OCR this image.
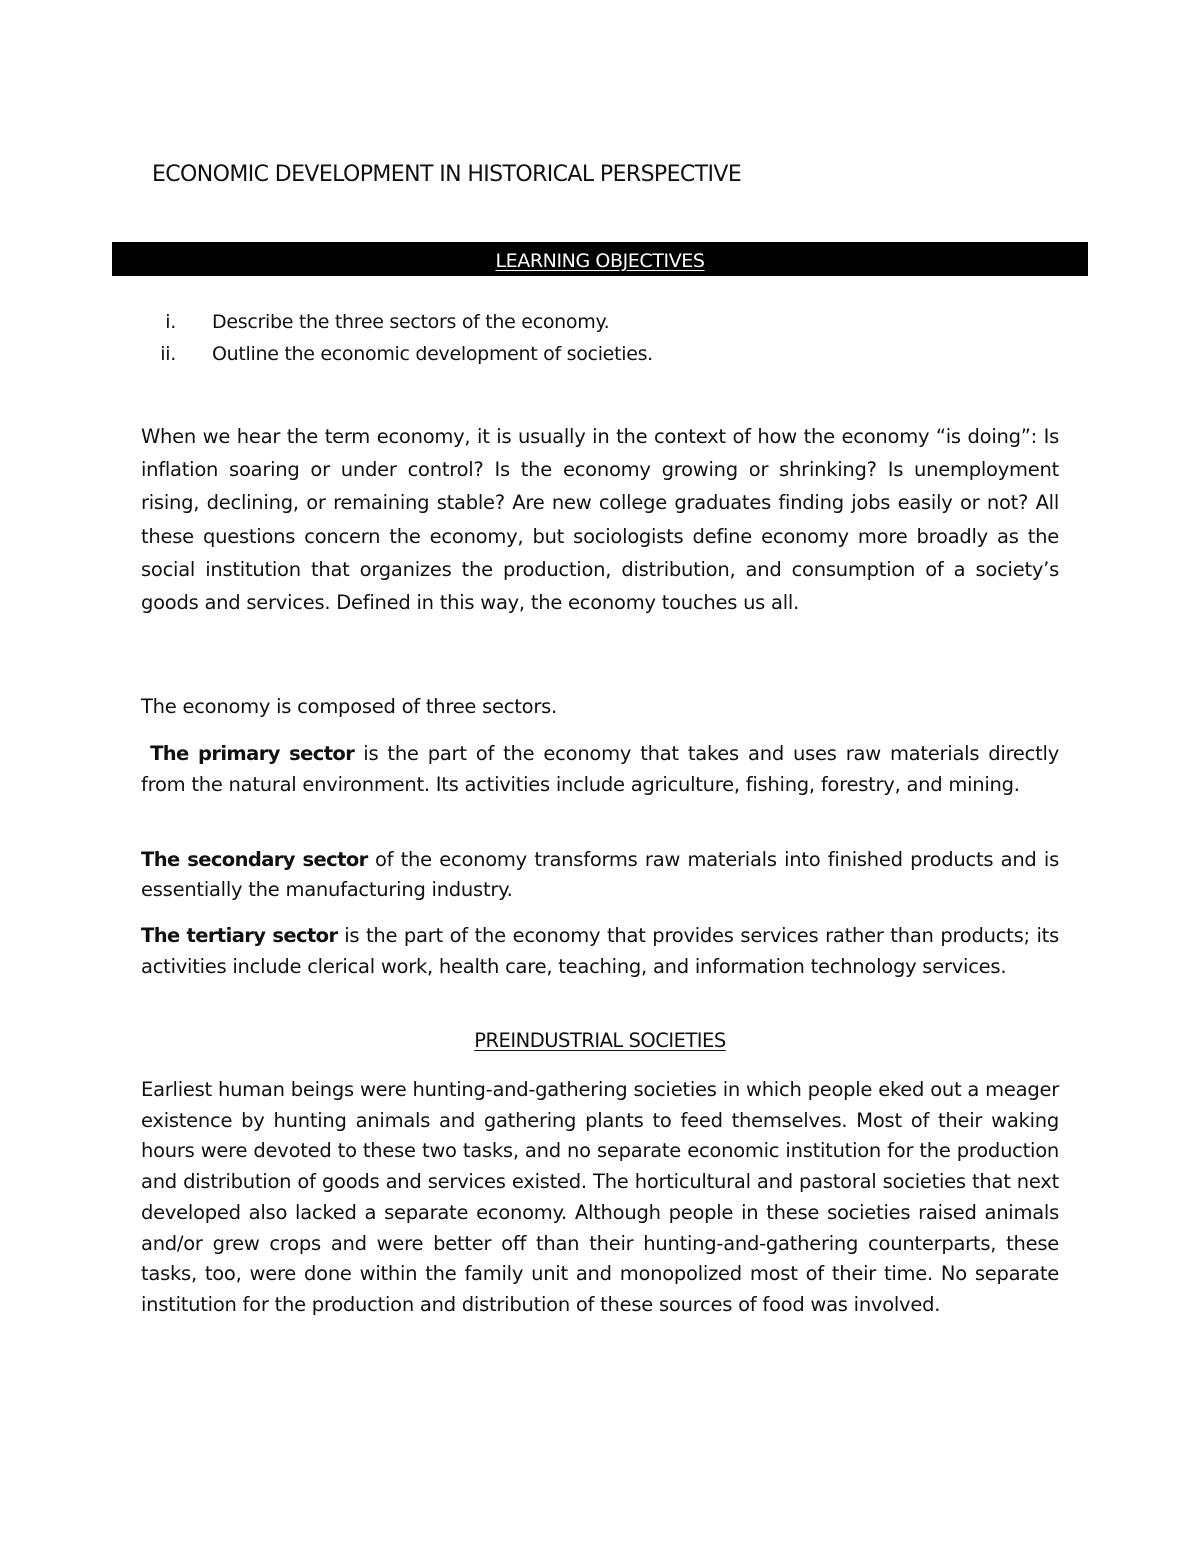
ECONOMIC DEVELOPMENT IN HISTORICAL PERSPECTIVE
LEARNING OBJECTIVES
i. Describe the three sectors of the economy.
ii. Outline the economic development of societies.

When we hear the term economy, it is usually in the context of how the economy “is doing”: Is inflation soaring or under control? Is the economy growing or shrinking? Is unemployment rising, declining, or remaining stable? Are new college graduates finding jobs easily or not? All these questions concern the economy, but sociologists define economy more broadly as the social institution that organizes the production, distribution, and consumption of a society’s goods and services. Defined in this way, the economy touches us all.

The economy is composed of three sectors.

The primary sector is the part of the economy that takes and uses raw materials directly from the natural environment. Its activities include agriculture, fishing, forestry, and mining.

The secondary sector of the economy transforms raw materials into finished products and is essentially the manufacturing industry.

The tertiary sector is the part of the economy that provides services rather than products; its activities include clerical work, health care, teaching, and information technology services.

PREINDUSTRIAL SOCIETIES

Earliest human beings were hunting-and-gathering societies in which people eked out a meager existence by hunting animals and gathering plants to feed themselves. Most of their waking hours were devoted to these two tasks, and no separate economic institution for the production and distribution of goods and services existed. The horticultural and pastoral societies that next developed also lacked a separate economy. Although people in these societies raised animals and/or grew crops and were better off than their hunting-and-gathering counterparts, these tasks, too, were done within the family unit and monopolized most of their time. No separate institution for the production and distribution of these sources of food was involved.
